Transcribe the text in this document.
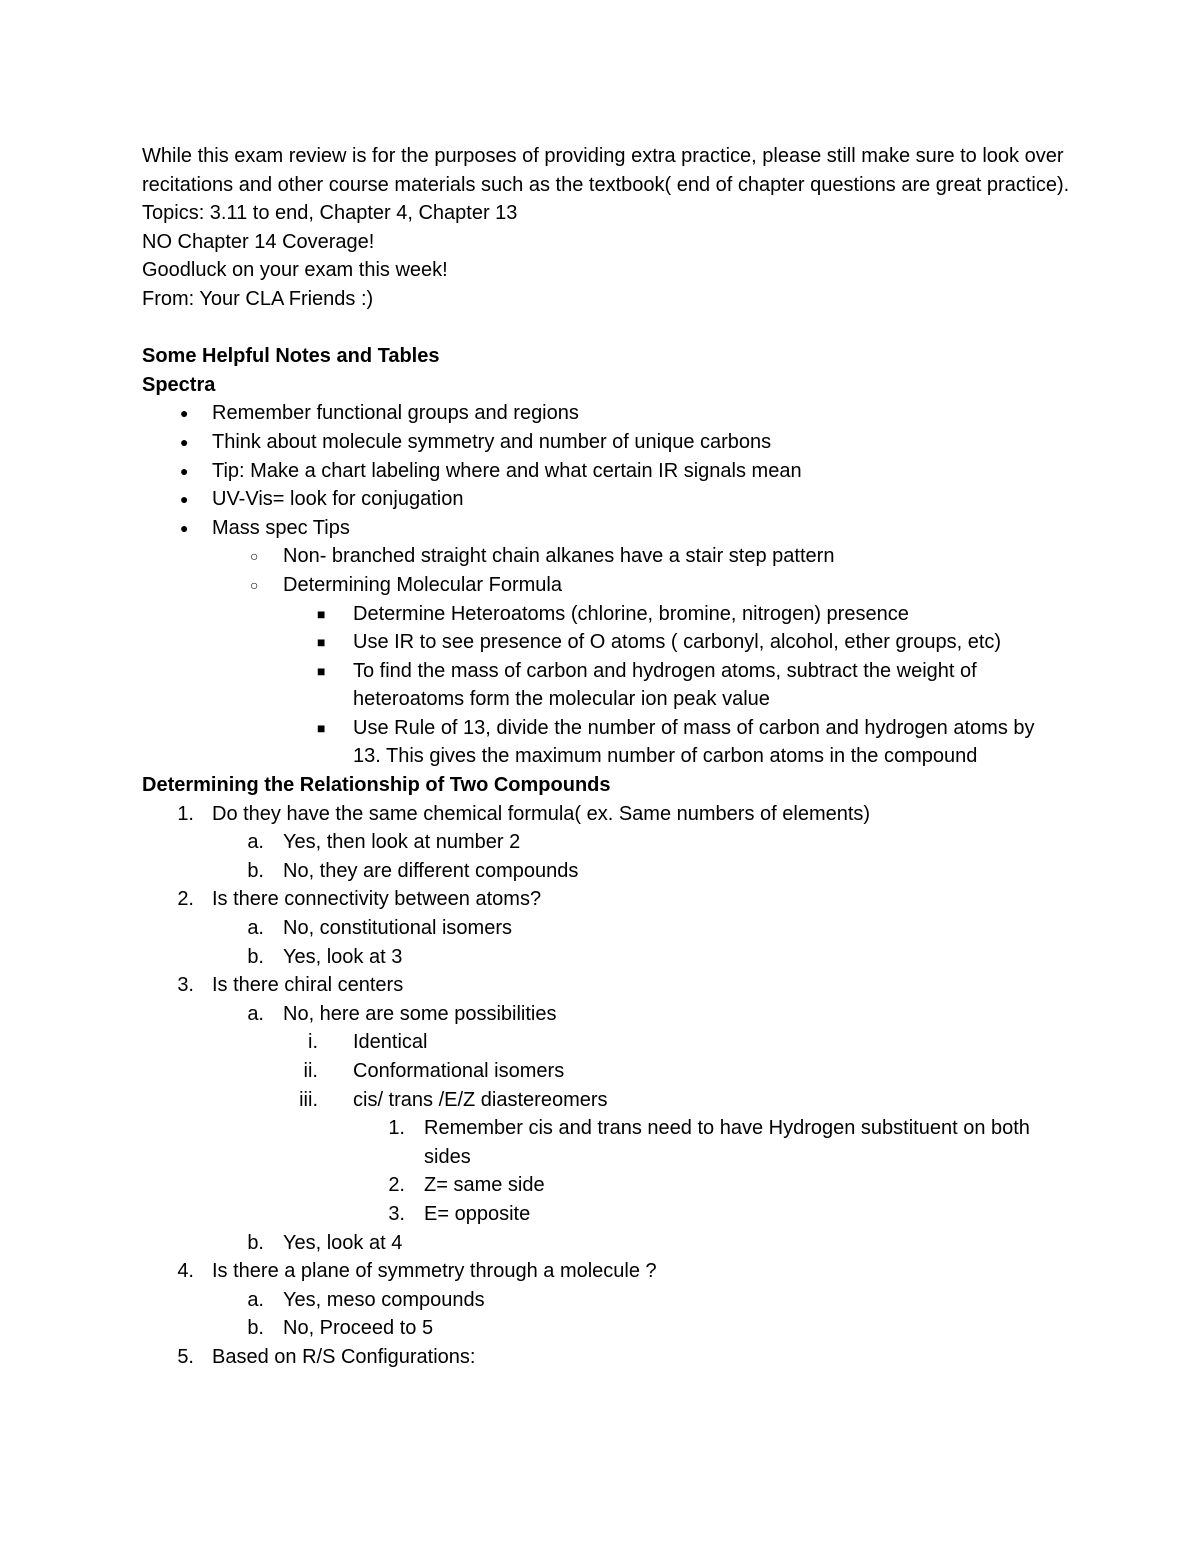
While this exam review is for the purposes of providing extra practice, please still make sure to look over recitations and other course materials such as the textbook( end of chapter questions are great practice).
Topics: 3.11 to end, Chapter 4, Chapter 13
NO Chapter 14 Coverage!
Goodluck on your exam this week!
From: Your CLA Friends :)
Some Helpful Notes and Tables
Spectra
● Remember functional groups and regions
● Think about molecule symmetry and number of unique carbons
● Tip: Make a chart labeling where and what certain IR signals mean
● UV-Vis= look for conjugation
● Mass spec Tips
○ Non- branched straight chain alkanes have a stair step pattern
○ Determining Molecular Formula
■ Determine Heteroatoms (chlorine, bromine, nitrogen) presence
■ Use IR to see presence of O atoms ( carbonyl, alcohol, ether groups, etc)
■ To find the mass of carbon and hydrogen atoms, subtract the weight of heteroatoms form the molecular ion peak value
■ Use Rule of 13, divide the number of mass of carbon and hydrogen atoms by 13. This gives the maximum number of carbon atoms in the compound
Determining the Relationship of Two Compounds
1. Do they have the same chemical formula( ex. Same numbers of elements)
a. Yes, then look at number 2
b. No, they are different compounds
2. Is there connectivity between atoms?
a. No, constitutional isomers
b. Yes, look at 3
3. Is there chiral centers
a. No, here are some possibilities
i. Identical
ii. Conformational isomers
iii. cis/ trans /E/Z diastereomers
1. Remember cis and trans need to have Hydrogen substituent on both sides
2. Z= same side
3. E= opposite
b. Yes, look at 4
4. Is there a plane of symmetry through a molecule ?
a. Yes, meso compounds
b. No, Proceed to 5
5. Based on R/S Configurations:
